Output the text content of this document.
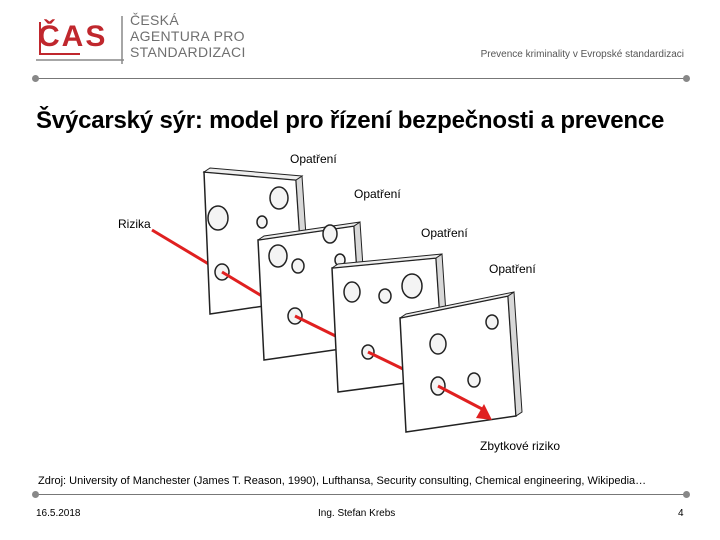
ČAS ČESKÁ
AGENTURA PRO
STANDARDIZACI	Prevence kriminality v Evropské standardizaci
Švýcarský sýr: model pro řízení bezpečnosti a prevence
Opatření
Opatření
Rizika
Opatření
Opatření
Zbytkové riziko
Zdroj: University of Manchester (James T. Reason, 1990), Lufthansa, Security consulting, Chemical engineering, Wikipedia…
16.5.2018	Ing. Stefan Krebs	4
